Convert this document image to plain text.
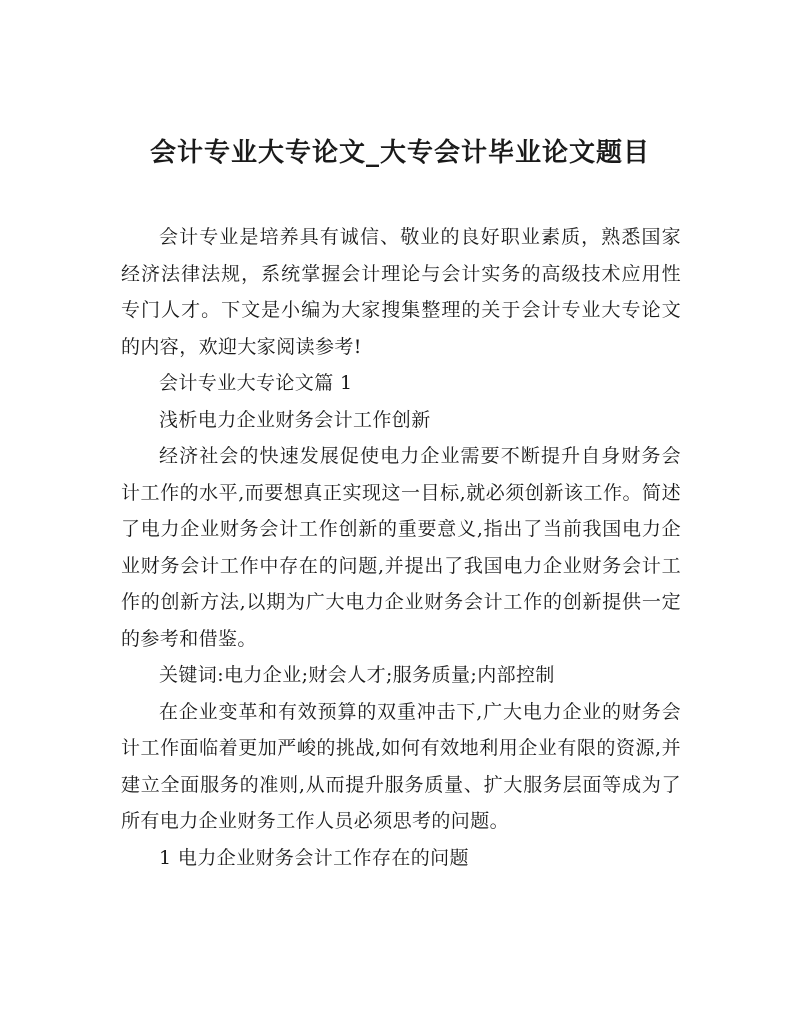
会计专业大专论文_大专会计毕业论文题目

会计专业是培养具有诚信、敬业的良好职业素质，熟悉国家经济法律法规，系统掌握会计理论与会计实务的高级技术应用性专门人才。下文是小编为大家搜集整理的关于会计专业大专论文的内容，欢迎大家阅读参考!

会计专业大专论文篇 1

浅析电力企业财务会计工作创新

经济社会的快速发展促使电力企业需要不断提升自身财务会计工作的水平,而要想真正实现这一目标,就必须创新该工作。简述了电力企业财务会计工作创新的重要意义,指出了当前我国电力企业财务会计工作中存在的问题,并提出了我国电力企业财务会计工作的创新方法,以期为广大电力企业财务会计工作的创新提供一定的参考和借鉴。

关键词:电力企业;财会人才;服务质量;内部控制

在企业变革和有效预算的双重冲击下,广大电力企业的财务会计工作面临着更加严峻的挑战,如何有效地利用企业有限的资源,并建立全面服务的准则,从而提升服务质量、扩大服务层面等成为了所有电力企业财务工作人员必须思考的问题。

1 电力企业财务会计工作存在的问题
